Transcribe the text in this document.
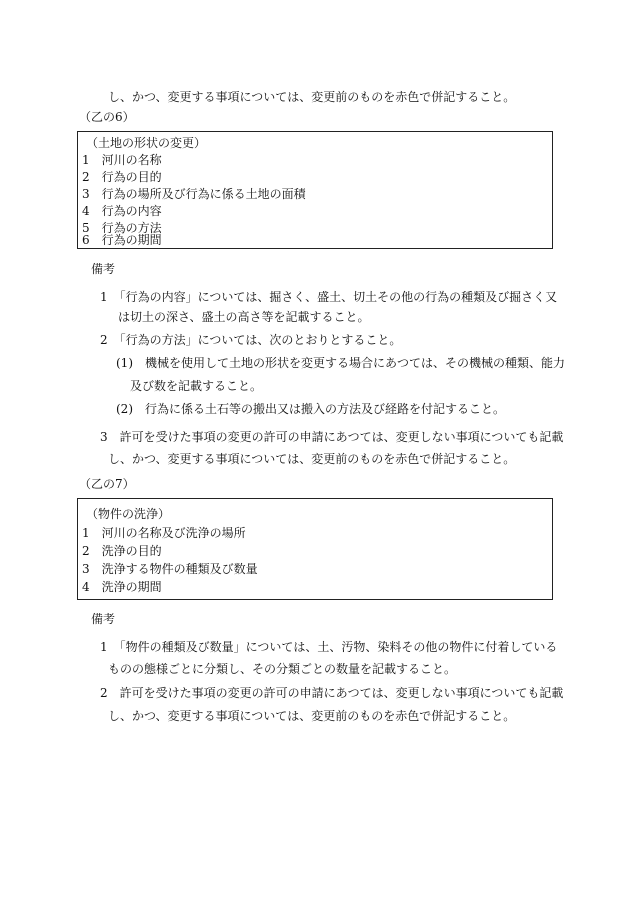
し、かつ、変更する事項については、変更前のものを赤色で併記すること。
（乙の6）
（土地の形状の変更）
1　河川の名称
2　行為の目的
3　行為の場所及び行為に係る土地の面積
4　行為の内容
5　行為の方法
6　行為の期間
備考
1　「行為の内容」については、掘さく、盛土、切土その他の行為の種類及び掘さく又
は切土の深さ、盛土の高さ等を記載すること。
2　「行為の方法」については、次のとおりとすること。
(1)　機械を使用して土地の形状を変更する場合にあつては、その機械の種類、能力
及び数を記載すること。
(2)　行為に係る土石等の搬出又は搬入の方法及び経路を付記すること。
3　許可を受けた事項の変更の許可の申請にあつては、変更しない事項についても記載
し、かつ、変更する事項については、変更前のものを赤色で併記すること。
（乙の7）
（物件の洗浄）
1　河川の名称及び洗浄の場所
2　洗浄の目的
3　洗浄する物件の種類及び数量
4　洗浄の期間
備考
1　「物件の種類及び数量」については、土、汚物、染料その他の物件に付着している
ものの態様ごとに分類し、その分類ごとの数量を記載すること。
2　許可を受けた事項の変更の許可の申請にあつては、変更しない事項についても記載
し、かつ、変更する事項については、変更前のものを赤色で併記すること。
